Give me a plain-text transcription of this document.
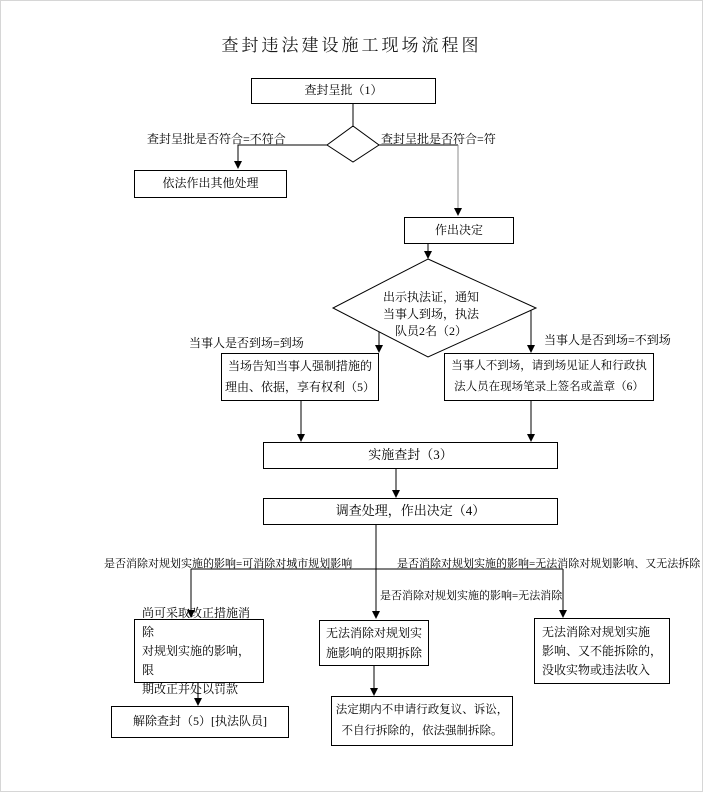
查封违法建设施工现场流程图
查封呈批（1）
依法作出其他处理
作出决定
出示执法证，通知
当事人到场，执法
队员2名（2）
当场告知当事人强制措施的
理由、依据，享有权利（5）
当事人不到场，请到场见证人和行政执
法人员在现场笔录上签名或盖章（6）
实施查封（3）
调查处理，作出决定（4）
尚可采取改正措施消除
对规划实施的影响，限
期改正并处以罚款
无法消除对规划实
施影响的限期拆除
无法消除对规划实施
影响、又不能拆除的，
没收实物或违法收入
解除查封（5）[执法队员]
法定期内不申请行政复议、诉讼，
不自行拆除的，依法强制拆除。
查封呈批是否符合=不符合	查封呈批是否符合=符
当事人是否到场=到场	当事人是否到场=不到场
是否消除对规划实施的影响=可消除对城市规划影响	是否消除对规划实施的影响=无法消除对规划影响、又无法拆除
是否消除对规划实施的影响=无法消除
